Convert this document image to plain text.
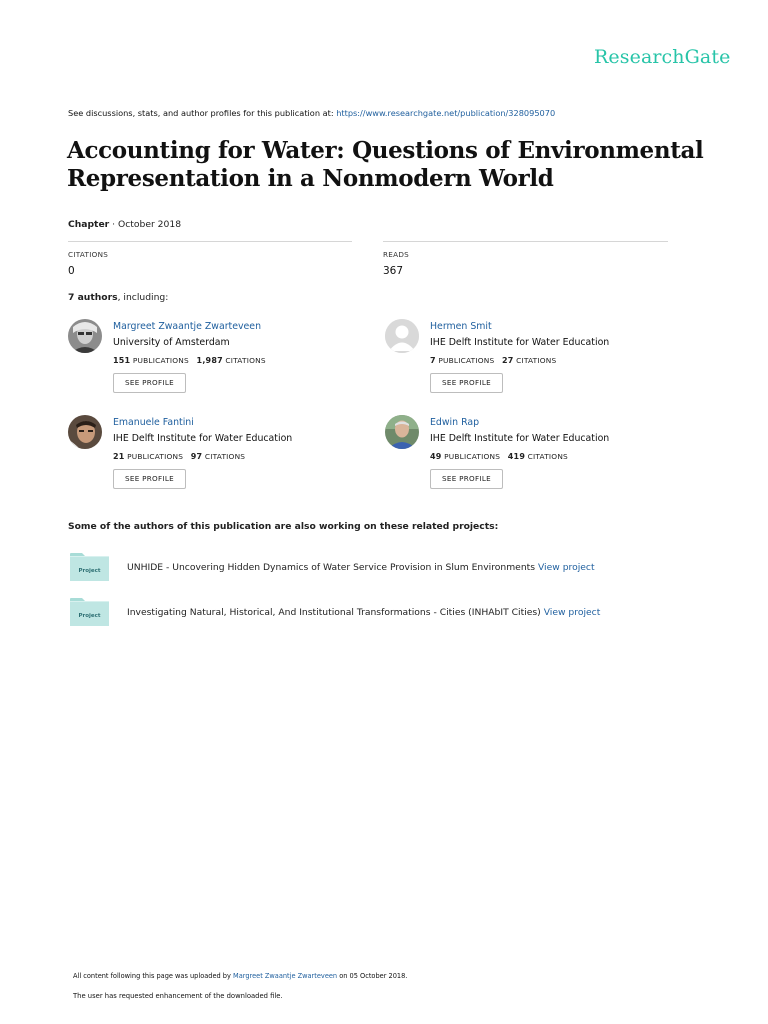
ResearchGate
See discussions, stats, and author profiles for this publication at: https://www.researchgate.net/publication/328095070
Accounting for Water: Questions of Environmental
Representation in a Nonmodern World
Chapter · October 2018
CITATIONS
0
READS
367
7 authors, including:
Margreet Zwaantje Zwarteveen
University of Amsterdam
151 PUBLICATIONS 1,987 CITATIONS
SEE PROFILE
Hermen Smit
IHE Delft Institute for Water Education
7 PUBLICATIONS 27 CITATIONS
SEE PROFILE
Emanuele Fantini
IHE Delft Institute for Water Education
21 PUBLICATIONS 97 CITATIONS
SEE PROFILE
Edwin Rap
IHE Delft Institute for Water Education
49 PUBLICATIONS 419 CITATIONS
SEE PROFILE
Some of the authors of this publication are also working on these related projects:
Project	UNHIDE - Uncovering Hidden Dynamics of Water Service Provision in Slum Environments View project
Project	Investigating Natural, Historical, And Institutional Transformations - Cities (INHAbIT Cities) View project
All content following this page was uploaded by Margreet Zwaantje Zwarteveen on 05 October 2018.
The user has requested enhancement of the downloaded file.
